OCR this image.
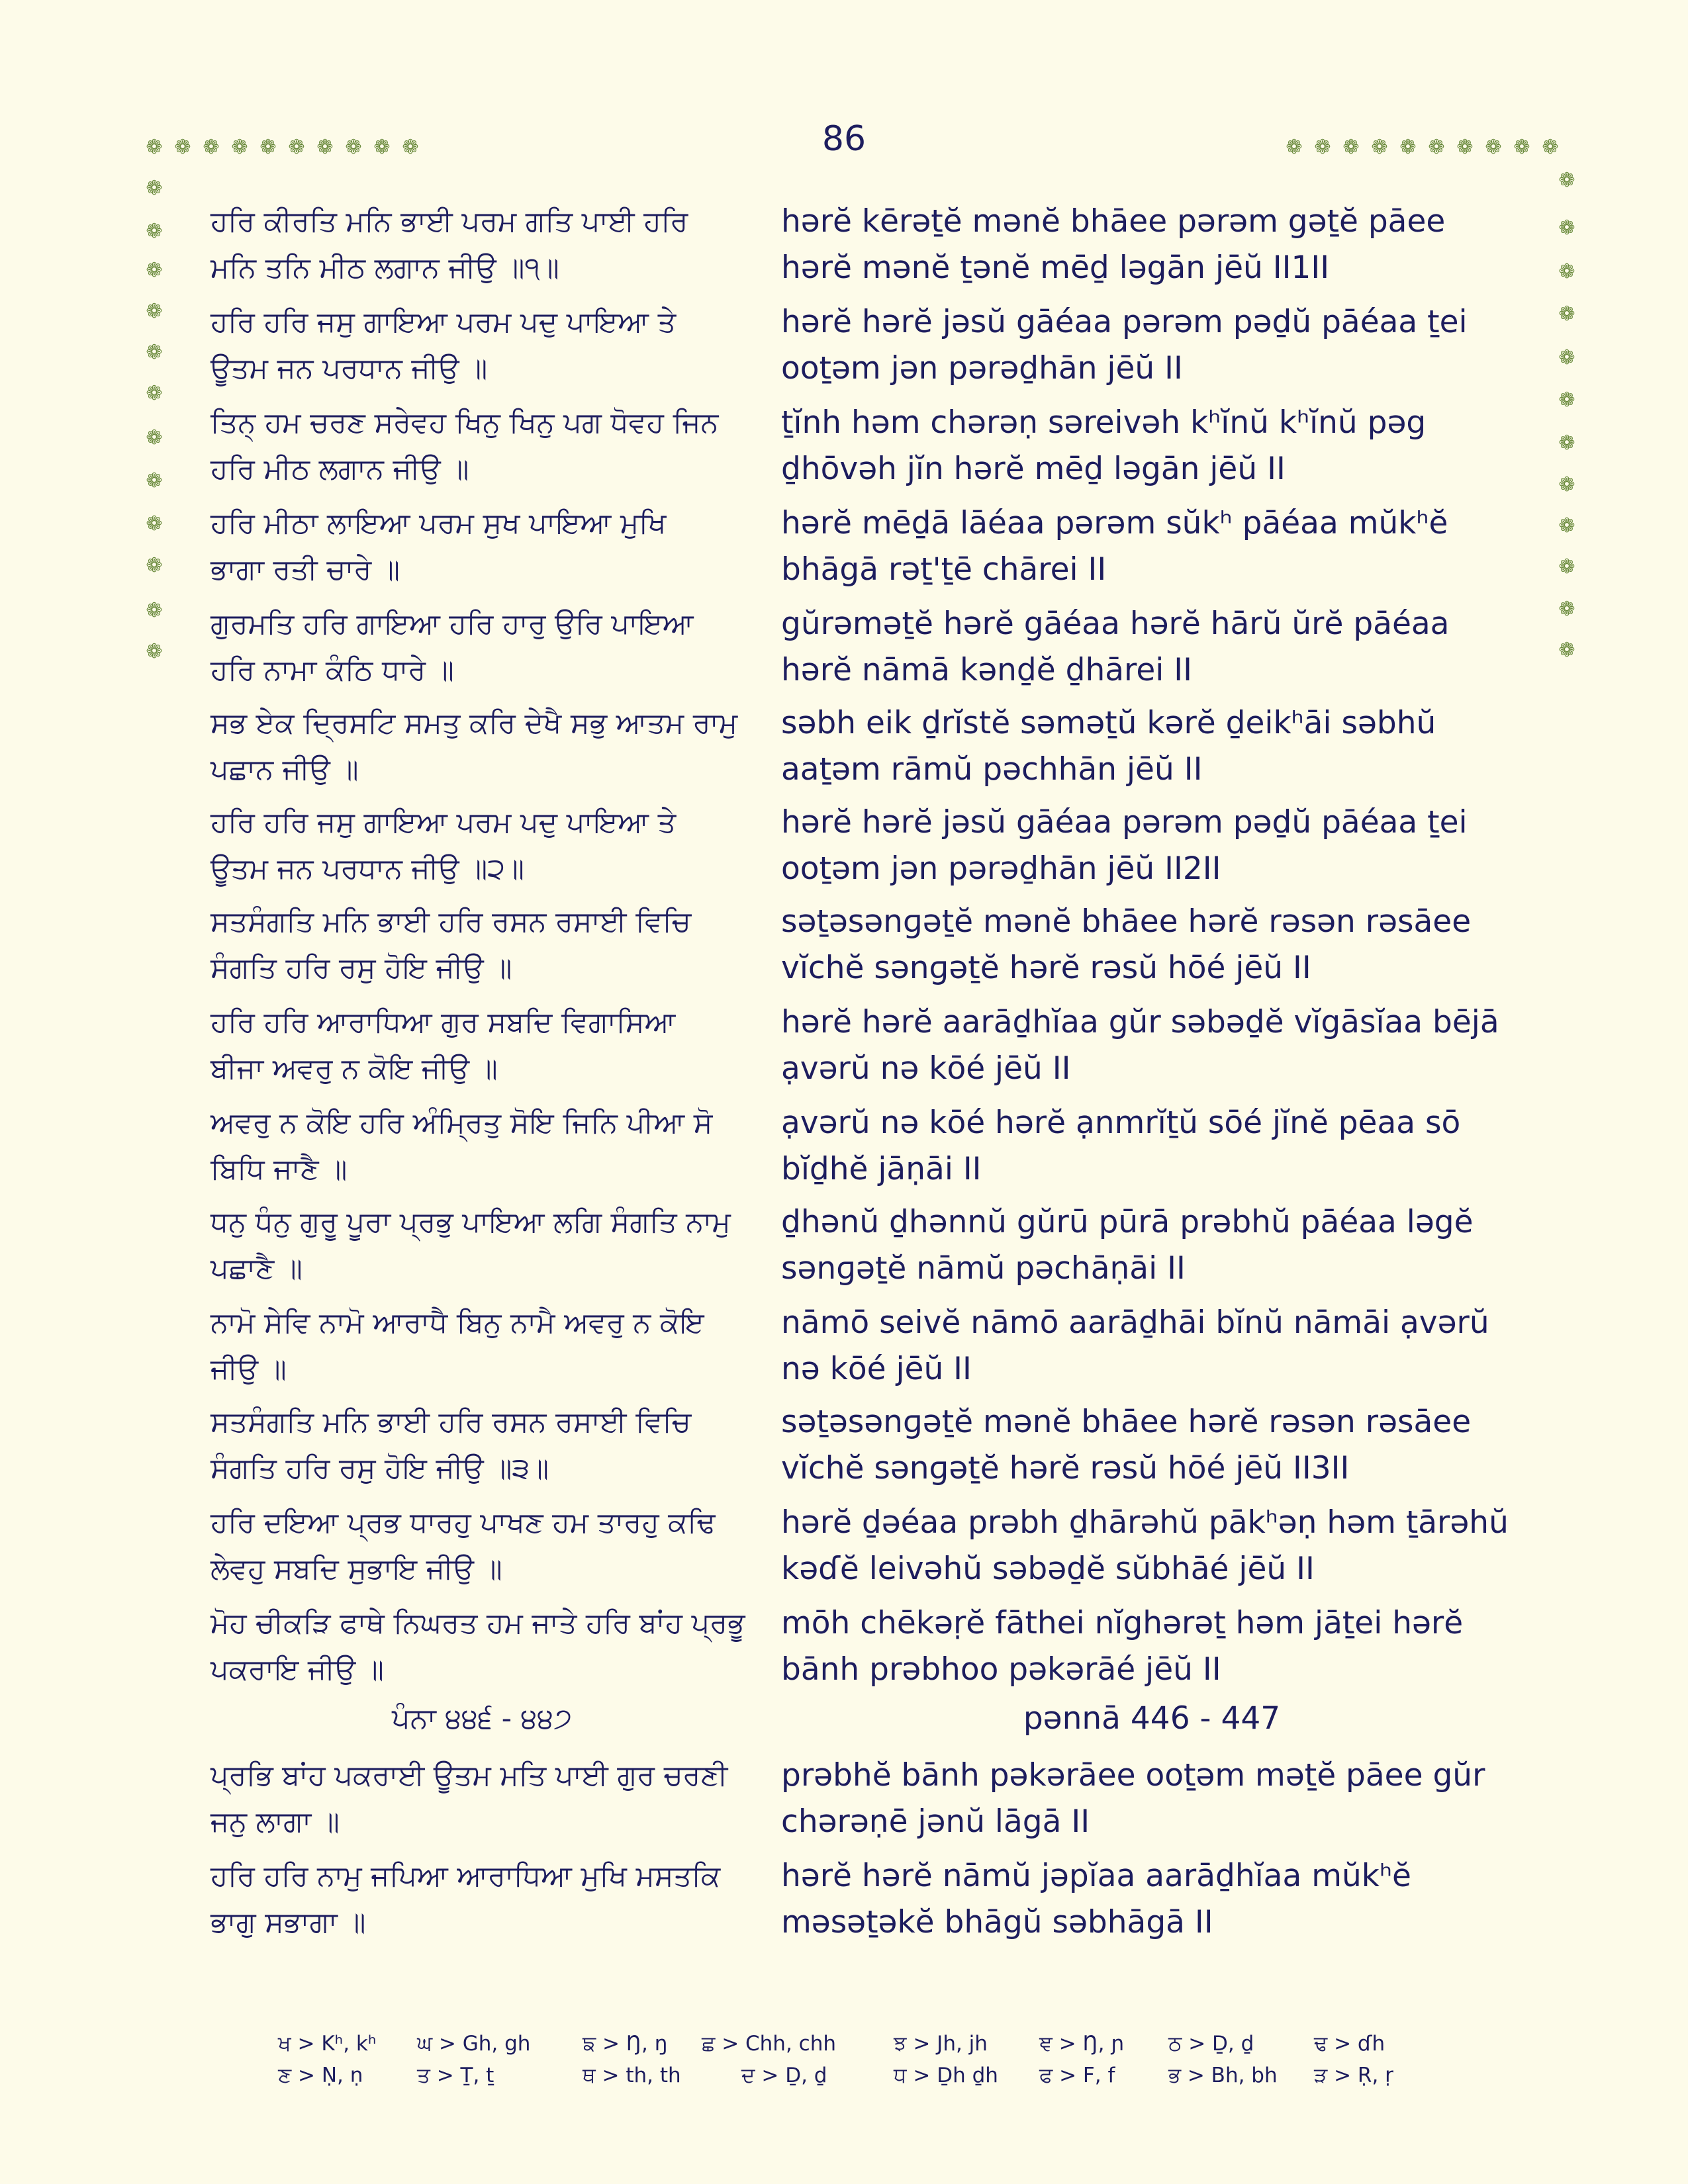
86
❁ ❁ ❁ ❁ ❁ ❁ ❁ ❁ ❁ ❁	❁ ❁ ❁ ❁ ❁ ❁ ❁ ❁ ❁ ❁
❁
❁
❁
❁
❁
❁
❁
❁
❁
❁
❁
❁
❁
❁
❁
❁
❁
❁
❁
❁
❁
❁
❁
❁
ਹਰਿ ਕੀਰਤਿ ਮਨਿ ਭਾਈ ਪਰਮ ਗਤਿ ਪਾਈ ਹਰਿ
ਮਨਿ ਤਨਿ ਮੀਠ ਲਗਾਨ ਜੀਉ ॥੧॥
hərĕ kērəṯĕ mənĕ bhāee pərəm gəṯĕ pāee
hərĕ mənĕ ṯənĕ mēḏ ləgān jēŭ II1II
ਹਰਿ ਹਰਿ ਜਸੁ ਗਾਇਆ ਪਰਮ ਪਦੁ ਪਾਇਆ ਤੇ
ਊਤਮ ਜਨ ਪਰਧਾਨ ਜੀਉ ॥
hərĕ hərĕ jəsŭ gāéaa pərəm pəḏŭ pāéaa ṯei
ooṯəm jən pərəḏhān jēŭ II
ਤਿਨ੍ ਹਮ ਚਰਣ ਸਰੇਵਹ ਖਿਨੁ ਖਿਨੁ ਪਗ ਧੋਵਹ ਜਿਨ
ਹਰਿ ਮੀਠ ਲਗਾਨ ਜੀਉ ॥
ṯĭnh həm chərəṇ səreivəh kʰĭnŭ kʰĭnŭ pəg
ḏhōvəh jĭn hərĕ mēḏ ləgān jēŭ II
ਹਰਿ ਮੀਠਾ ਲਾਇਆ ਪਰਮ ਸੁਖ ਪਾਇਆ ਮੁਖਿ
ਭਾਗਾ ਰਤੀ ਚਾਰੇ ॥
hərĕ mēḏā lāéaa pərəm sŭkʰ pāéaa mŭkʰĕ
bhāgā rəṯ'ṯē chārei II
ਗੁਰਮਤਿ ਹਰਿ ਗਾਇਆ ਹਰਿ ਹਾਰੁ ਉਰਿ ਪਾਇਆ
ਹਰਿ ਨਾਮਾ ਕੰਠਿ ਧਾਰੇ ॥
gŭrəməṯĕ hərĕ gāéaa hərĕ hārŭ ŭrĕ pāéaa
hərĕ nāmā kənḏĕ ḏhārei II
ਸਭ ਏਕ ਦ੍ਰਿਸਟਿ ਸਮਤੁ ਕਰਿ ਦੇਖੈ ਸਭੁ ਆਤਮ ਰਾਮੁ
ਪਛਾਨ ਜੀਉ ॥
səbh eik ḏrĭstĕ səməṯŭ kərĕ ḏeikʰāi səbhŭ
aaṯəm rāmŭ pəchhān jēŭ II
ਹਰਿ ਹਰਿ ਜਸੁ ਗਾਇਆ ਪਰਮ ਪਦੁ ਪਾਇਆ ਤੇ
ਊਤਮ ਜਨ ਪਰਧਾਨ ਜੀਉ ॥੨॥
hərĕ hərĕ jəsŭ gāéaa pərəm pəḏŭ pāéaa ṯei
ooṯəm jən pərəḏhān jēŭ II2II
ਸਤਸੰਗਤਿ ਮਨਿ ਭਾਈ ਹਰਿ ਰਸਨ ਰਸਾਈ ਵਿਚਿ
ਸੰਗਤਿ ਹਰਿ ਰਸੁ ਹੋਇ ਜੀਉ ॥
səṯəsənɡəṯĕ mənĕ bhāee hərĕ rəsən rəsāee
vĭchĕ sənɡəṯĕ hərĕ rəsŭ hōé jēŭ II
ਹਰਿ ਹਰਿ ਆਰਾਧਿਆ ਗੁਰ ਸਬਦਿ ਵਿਗਾਸਿਆ
ਬੀਜਾ ਅਵਰੁ ਨ ਕੋਇ ਜੀਉ ॥
hərĕ hərĕ aarāḏhĭaa gŭr səbəḏĕ vĭgāsĭaa bējā
ạvərŭ nə kōé jēŭ II
ਅਵਰੁ ਨ ਕੋਇ ਹਰਿ ਅੰਮ੍ਰਿਤੁ ਸੋਇ ਜਿਨਿ ਪੀਆ ਸੋ
ਬਿਧਿ ਜਾਣੈ ॥
ạvərŭ nə kōé hərĕ ạnmrĭṯŭ sōé jĭnĕ pēaa sō
bĭḏhĕ jāṇāi II
ਧਨੁ ਧੰਨੁ ਗੁਰੂ ਪੂਰਾ ਪ੍ਰਭੁ ਪਾਇਆ ਲਗਿ ਸੰਗਤਿ ਨਾਮੁ
ਪਛਾਣੈ ॥
ḏhənŭ ḏhənnŭ gŭrū pūrā prəbhŭ pāéaa ləgĕ
sənɡəṯĕ nāmŭ pəchāṇāi II
ਨਾਮੋ ਸੇਵਿ ਨਾਮੋ ਆਰਾਧੈ ਬਿਨੁ ਨਾਮੈ ਅਵਰੁ ਨ ਕੋਇ
ਜੀਉ ॥
nāmō seivĕ nāmō aarāḏhāi bĭnŭ nāmāi ạvərŭ
nə kōé jēŭ II
ਸਤਸੰਗਤਿ ਮਨਿ ਭਾਈ ਹਰਿ ਰਸਨ ਰਸਾਈ ਵਿਚਿ
ਸੰਗਤਿ ਹਰਿ ਰਸੁ ਹੋਇ ਜੀਉ ॥੩॥
səṯəsənɡəṯĕ mənĕ bhāee hərĕ rəsən rəsāee
vĭchĕ sənɡəṯĕ hərĕ rəsŭ hōé jēŭ II3II
ਹਰਿ ਦਇਆ ਪ੍ਰਭ ਧਾਰਹੁ ਪਾਖਣ ਹਮ ਤਾਰਹੁ ਕਢਿ
ਲੇਵਹੁ ਸਬਦਿ ਸੁਭਾਇ ਜੀਉ ॥
hərĕ ḏəéaa prəbh ḏhārəhŭ pākʰəṇ həm ṯārəhŭ
kəɗĕ leivəhŭ səbəḏĕ sŭbhāé jēŭ II
ਮੋਹ ਚੀਕੜਿ ਫਾਥੇ ਨਿਘਰਤ ਹਮ ਜਾਤੇ ਹਰਿ ਬਾਂਹ ਪ੍ਰਭੂ
ਪਕਰਾਇ ਜੀਉ ॥
mōh chēkəṛĕ fāthei nĭghərəṯ həm jāṯei hərĕ
bānh prəbhoo pəkərāé jēŭ II
ਪੰਨਾ ੪੪੬ - ੪੪੭	pənnā 446 - 447
ਪ੍ਰਭਿ ਬਾਂਹ ਪਕਰਾਈ ਊਤਮ ਮਤਿ ਪਾਈ ਗੁਰ ਚਰਣੀ
ਜਨੁ ਲਾਗਾ ॥
prəbhĕ bānh pəkərāee ooṯəm məṯĕ pāee gŭr
chərəṇē jənŭ lāgā II
ਹਰਿ ਹਰਿ ਨਾਮੁ ਜਪਿਆ ਆਰਾਧਿਆ ਮੁਖਿ ਮਸਤਕਿ
ਭਾਗੁ ਸਭਾਗਾ ॥
hərĕ hərĕ nāmŭ jəpĭaa aarāḏhĭaa mŭkʰĕ
məsəṯəkĕ bhāgŭ səbhāgā II
ਖ > Kʰ, kʰ ਘ > Gh, gh	ਙ > Ŋ, ŋ ਛ > Chh, chh	ਝ > Jh, jh	ਞ > Ŋ, ɲ ਠ > Ḏ, ḏ	ਢ > ɗh
ਣ > Ṇ, ṇ	ਤ > Ṯ, ṯ	ਥ > th, th	ਦ > Ḏ, ḏ	ਧ > Ḏh ḏh ਫ > F, f	ਭ > Bh, bh ੜ > Ṛ, ṛ
